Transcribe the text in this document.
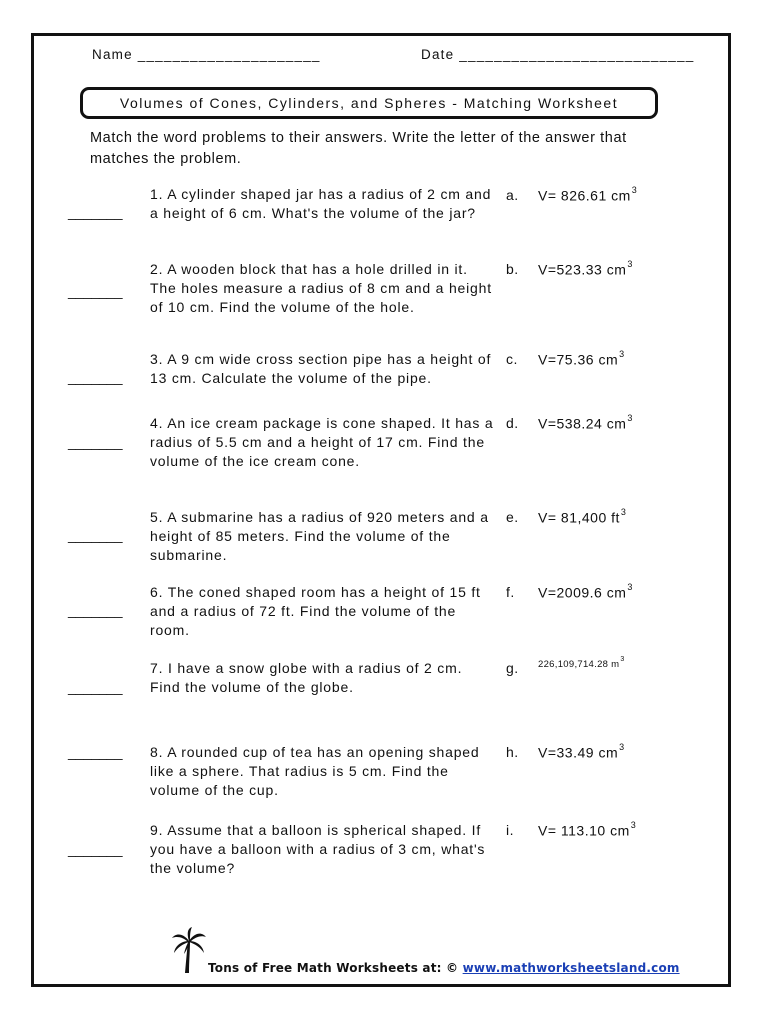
Name _____________________	Date ___________________________
Volumes of Cones, Cylinders, and Spheres - Matching Worksheet
Match the word problems to their answers. Write the letter of the answer that matches the problem.
_______
1. A cylinder shaped jar has a radius of 2 cm and a height of 6 cm. What's the volume of the jar?
a. V= 826.61 $cm^3$
_______
2. A wooden block that has a hole drilled in it. The holes measure a radius of 8 cm and a height of 10 cm. Find the volume of the hole.
b. V=523.33 $cm^3$
_______
3. A 9 cm wide cross section pipe has a height of 13 cm. Calculate the volume of the pipe.
c. V=75.36 $cm^3$
_______
4. An ice cream package is cone shaped. It has a radius of 5.5 cm and a height of 17 cm. Find the volume of the ice cream cone.
d. V=538.24 $cm^3$
_______
5. A submarine has a radius of 920 meters and a height of 85 meters. Find the volume of the submarine.
e. V= 81,400 $ft^3$
_______
6. The coned shaped room has a height of 15 ft and a radius of 72 ft. Find the volume of the room.
f. V=2009.6 $cm^3$
_______
7. I have a snow globe with a radius of 2 cm. Find the volume of the globe.
g. 226,109,714.28 $m^3$
_______ 8. A rounded cup of tea has an opening shaped like a sphere. That radius is 5 cm. Find the volume of the cup.
h. V=33.49 $cm^3$
_______
9. Assume that a balloon is spherical shaped. If you have a balloon with a radius of 3 cm, what's the volume?
i. V= 113.10 $cm^3$
Tons of Free Math Worksheets at: © www.mathworksheetsland.com
